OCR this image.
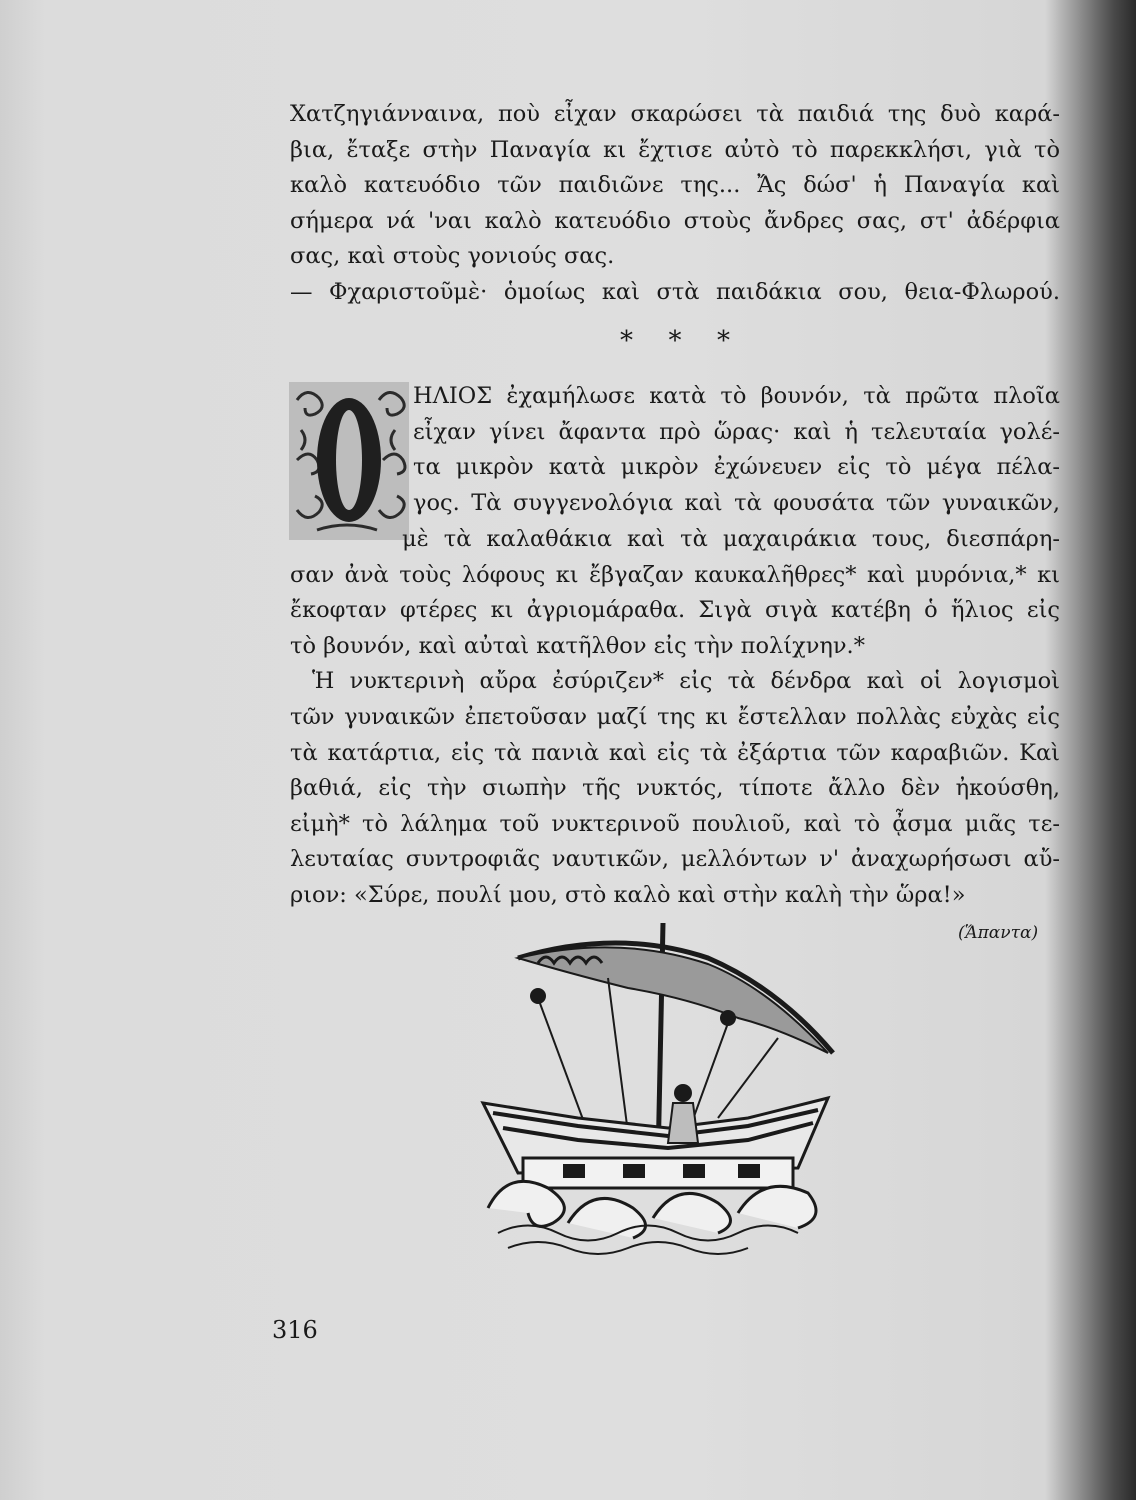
Χατζηγιάνναινα, ποὺ εἶχαν σκαρώσει τὰ παιδιά της δυὸ καρά-
βια, ἔταξε στὴν Παναγία κι ἔχτισε αὐτὸ τὸ παρεκκλήσι, γιὰ τὸ
καλὸ κατευόδιο τῶν παιδιῶνε της... Ἄς δώσ' ἡ Παναγία καὶ
σήμερα νά 'ναι καλὸ κατευόδιο στοὺς ἄνδρες σας, στ' ἀδέρφια
σας, καὶ στοὺς γονιούς σας.
— Φχαριστοῦμὲ· ὁμοίως καὶ στὰ παιδάκια σου, θεια-Φλωρού.
* * *
ΗΛΙΟΣ ἐχαμήλωσε κατὰ τὸ βουνόν, τὰ πρῶτα πλοῖα
εἶχαν γίνει ἄφαντα πρὸ ὥρας· καὶ ἡ τελευταία γολέ-
τα μικρὸν κατὰ μικρὸν ἐχώνευεν εἰς τὸ μέγα πέλα-
γος. Τὰ συγγενολόγια καὶ τὰ φουσάτα τῶν γυναικῶν,
μὲ τὰ καλαθάκια καὶ τὰ μαχαιράκια τους, διεσπάρη-
σαν ἀνὰ τοὺς λόφους κι ἔβγαζαν καυκαλῆθρες* καὶ μυρόνια,* κι
ἔκοφταν φτέρες κι ἀγριομάραθα. Σιγὰ σιγὰ κατέβη ὁ ἥλιος εἰς
τὸ βουνόν, καὶ αὐταὶ κατῆλθον εἰς τὴν πολίχνην.*
Ἡ νυκτερινὴ αὔρα ἐσύριζεν* εἰς τὰ δένδρα καὶ οἱ λογισμοὶ
τῶν γυναικῶν ἐπετοῦσαν μαζί της κι ἔστελλαν πολλὰς εὐχὰς εἰς
τὰ κατάρτια, εἰς τὰ πανιὰ καὶ εἰς τὰ ἐξάρτια τῶν καραβιῶν. Καὶ
βαθιά, εἰς τὴν σιωπὴν τῆς νυκτός, τίποτε ἄλλο δὲν ἠκούσθη,
εἰμὴ* τὸ λάλημα τοῦ νυκτερινοῦ πουλιοῦ, καὶ τὸ ᾆσμα μιᾶς τε-
λευταίας συντροφιᾶς ναυτικῶν, μελλόντων ν' ἀναχωρήσωσι αὔ-
ριον: «Σύρε, πουλί μου, στὸ καλὸ καὶ στὴν καλὴ τὴν ὥρα!»
(Ἅπαντα)
316
